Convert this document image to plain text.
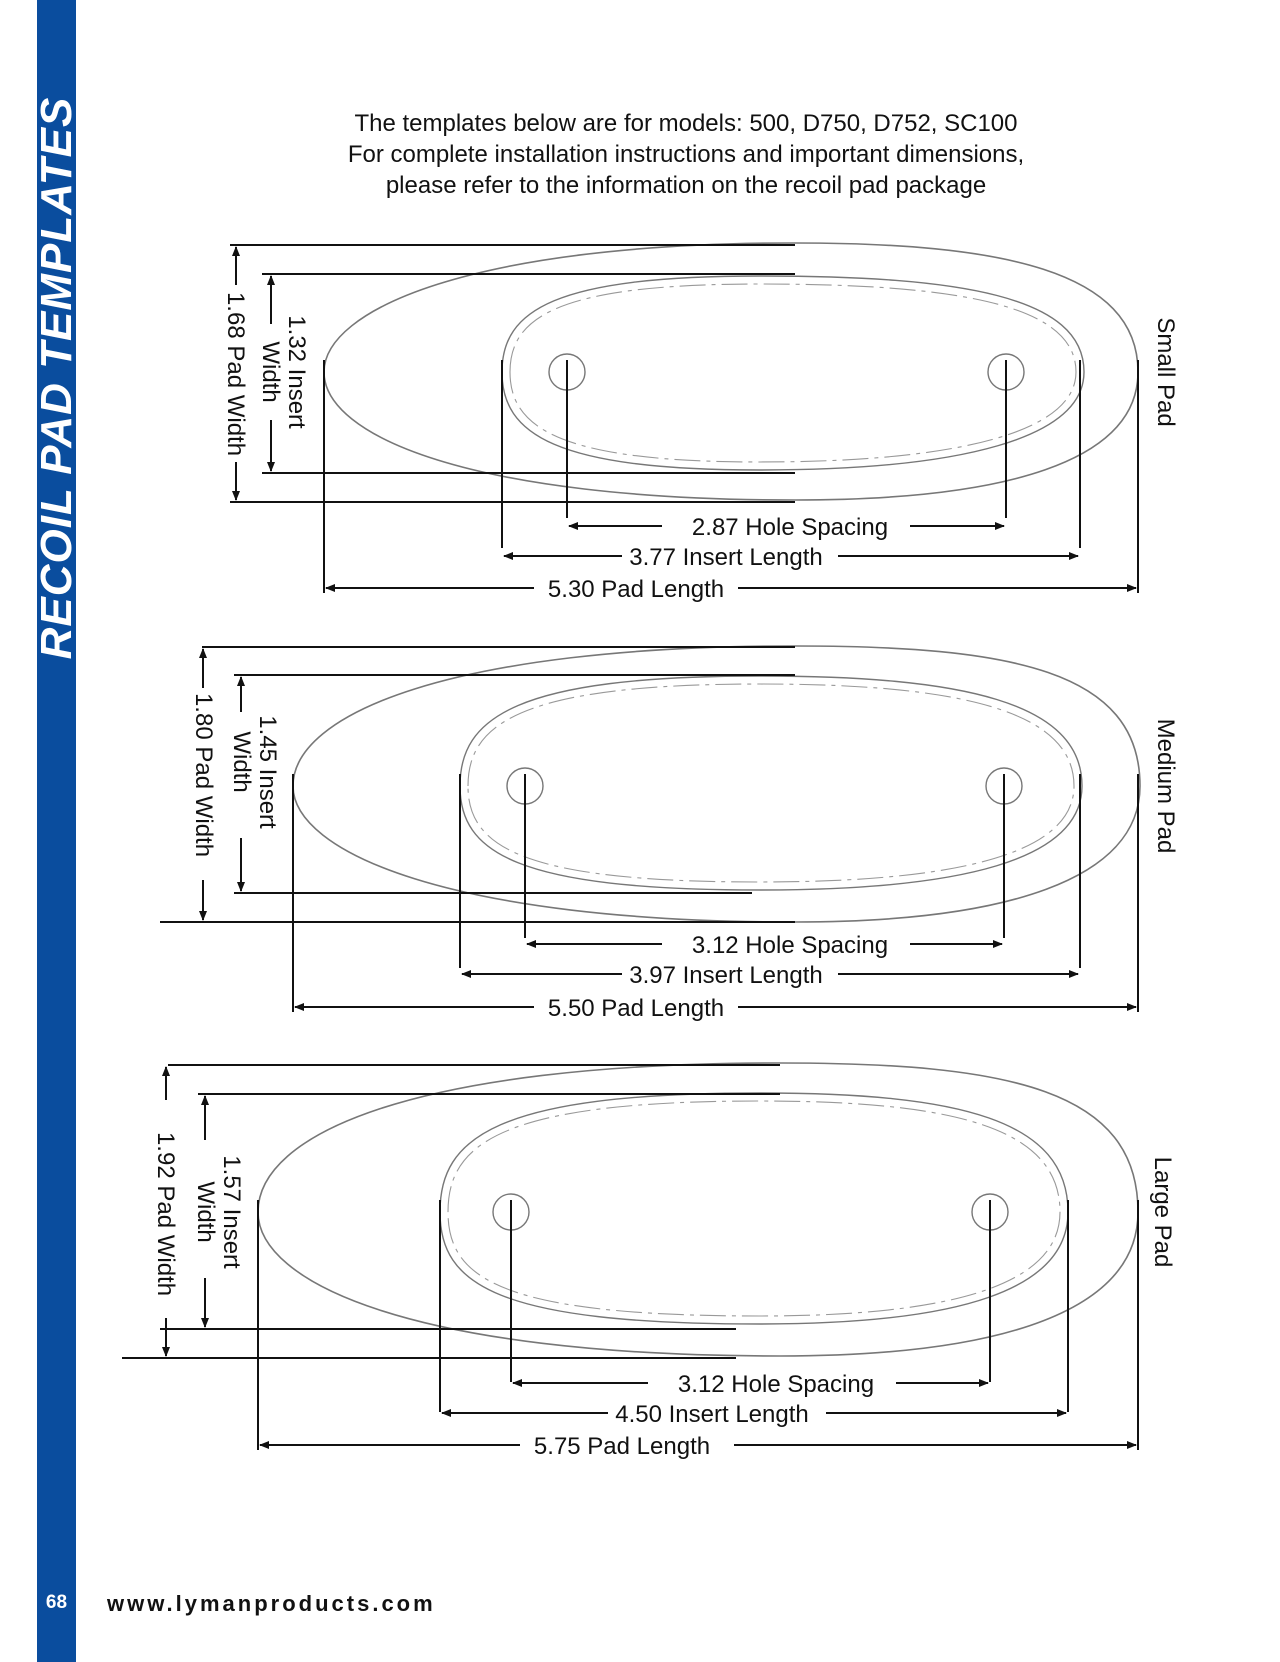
RECOIL PAD TEMPLATES
68	www.lymanproducts.com
The templates below are for models: 500, D750, D752, SC100
For complete installation instructions and important dimensions,
please refer to the information on the recoil pad package
2.87 Hole Spacing
3.77 Insert Length
5.30 Pad Length
Small Pad
1.68 Pad Width 1.32 Insert
Width
3.12 Hole Spacing
3.97 Insert Length
5.50 Pad Length
Medium Pad
1.80 Pad Width 1.45 Insert
Width
3.12 Hole Spacing
4.50 Insert Length
5.75 Pad Length
Large Pad
1.92 Pad Width 1.57 Insert
Width
